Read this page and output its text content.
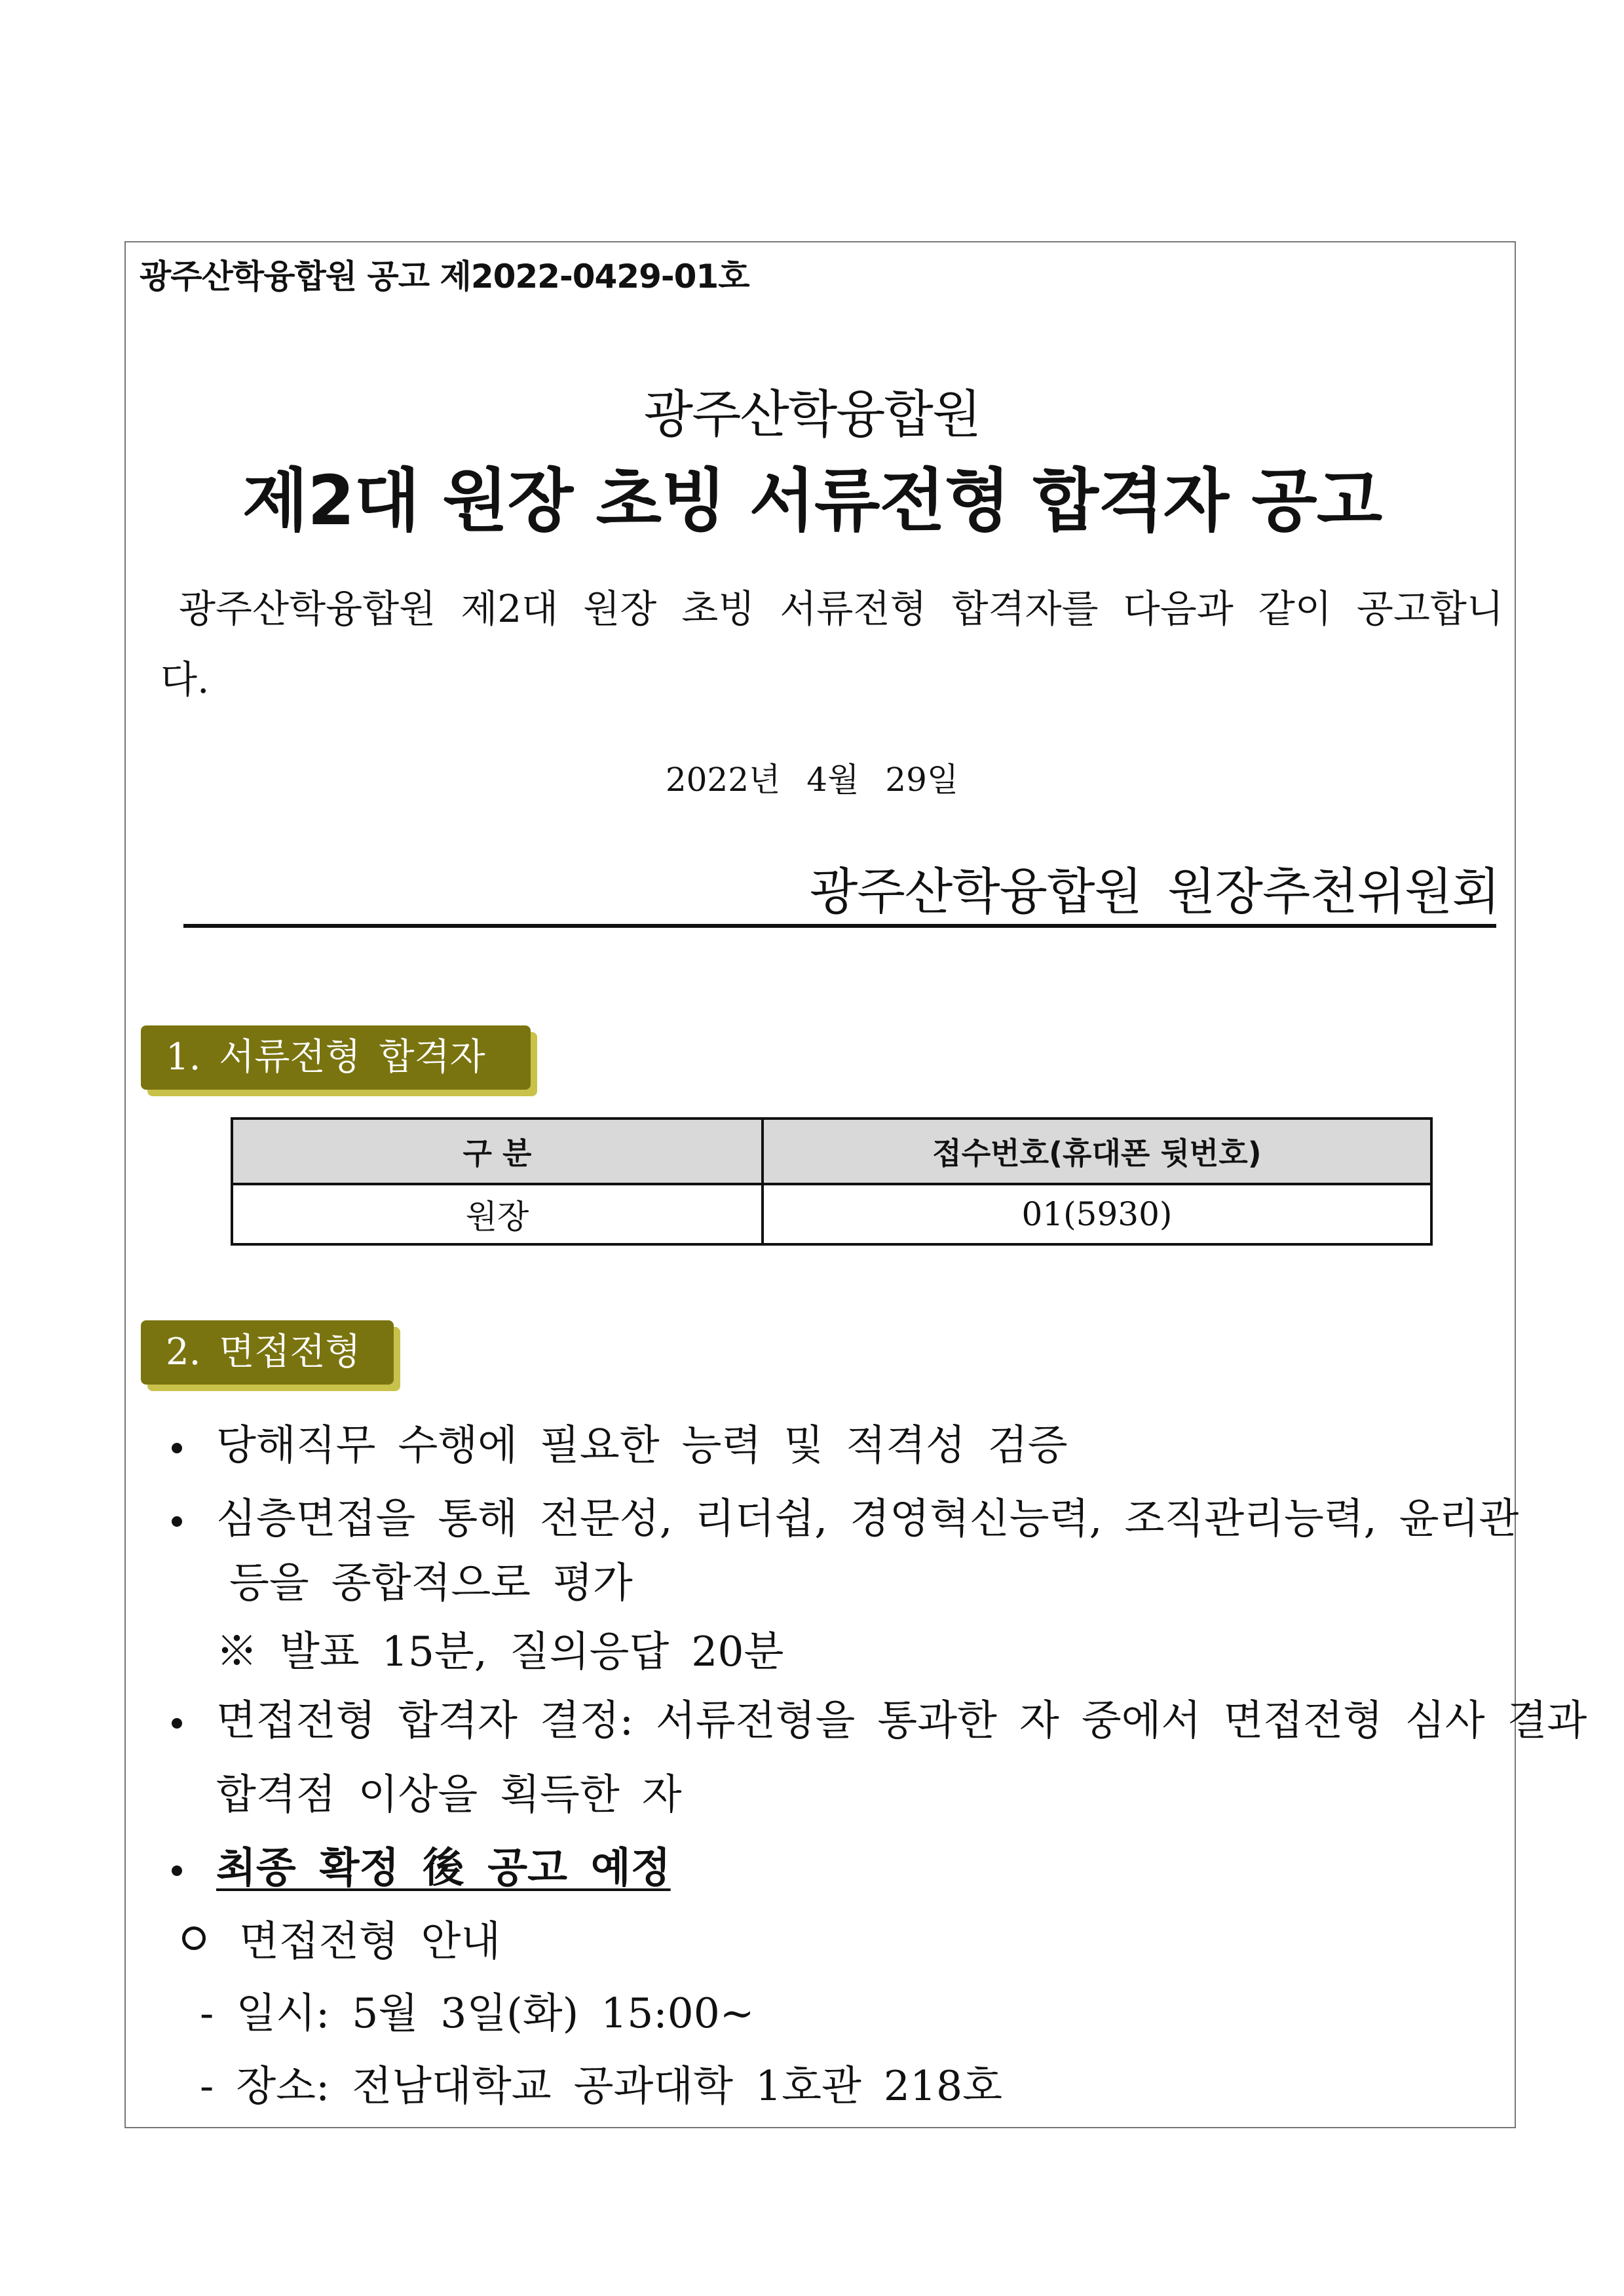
광주산학융합원 공고 제2022-0429-01호
광주산학융합원
제2대 원장 초빙 서류전형 합격자 공고
광주산학융합원 제2대 원장 초빙 서류전형 합격자를 다음과 같이 공고합니다.
2022년 4월 29일
광주산학융합원 원장추천위원회
1. 서류전형 합격자
구 분	접수번호(휴대폰 뒷번호)
원장	01(5930)
2. 면접전형
당해직무 수행에 필요한 능력 및 적격성 검증
심층면접을 통해 전문성, 리더쉽, 경영혁신능력, 조직관리능력, 윤리관
등을 종합적으로 평가
※ 발표 15분, 질의응답 20분
면접전형 합격자 결정: 서류전형을 통과한 자 중에서 면접전형 심사 결과
합격점 이상을 획득한 자
최종 확정 後 공고 예정
면접전형 안내
- 일시: 5월 3일(화) 15:00~
- 장소: 전남대학교 공과대학 1호관 218호
